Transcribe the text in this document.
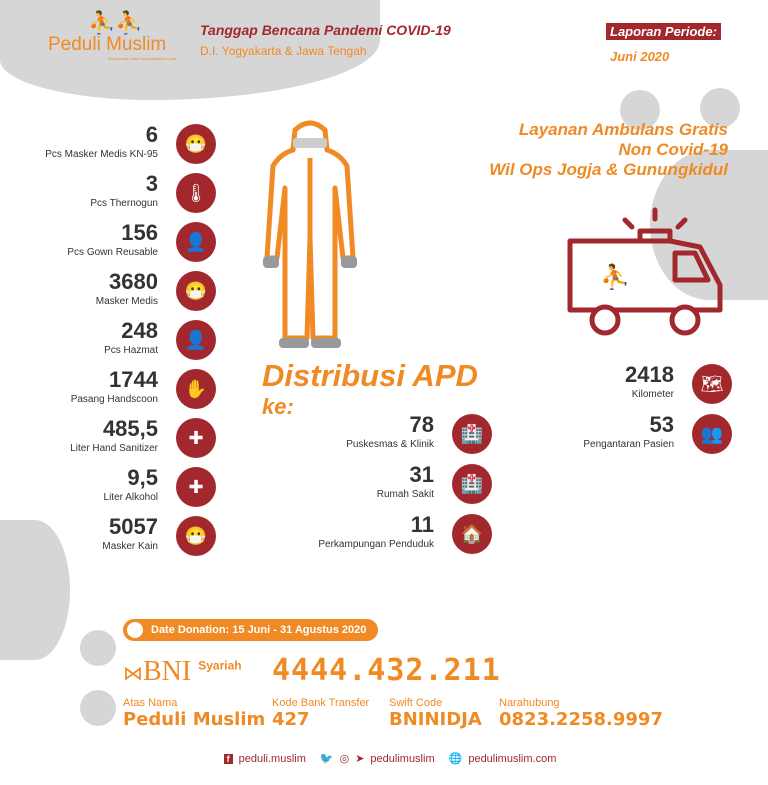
⛹⛹
Peduli Muslim
Berkhidmat untuk Kemaslahatan Umat
Tanggap Bencana Pandemi COVID-19
D.I. Yogyakarta & Jawa Tengah
Laporan Periode:
Juni 2020
6
Pcs Masker Medis KN-95
😷
3
Pcs Thernogun
🌡
156
Pcs Gown Reusable
👤
3680
Masker Medis
😷
248
Pcs Hazmat
👤
1744
Pasang Handscoon
✋
485,5
Liter Hand Sanitizer
✚
9,5
Liter Alkohol
✚
5057
Masker Kain
😷
Distribusi APD
ke:
78
Puskesmas & Klinik
🏥
31
Rumah Sakit
🏥
11
Perkampungan Penduduk
🏠
Layanan Ambulans Gratis
Non Covid-19
Wil Ops Jogja & Gunungkidul
⛹
2418
Kilometer
🗺
53
Pengantaran Pasien
👥
Date Donation: 15 Juni - 31 Agustus 2020
⋈BNI $^{Syariah}$ 4444.432.211
Atas Nama
Peduli Muslim
Kode Bank Transfer
427
Swift Code
BNINIDJA
Narahubung
0823.2258.9997
f peduli.muslim 🐦 ◎ ➤ pedulimuslim 🌐 pedulimuslim.com
